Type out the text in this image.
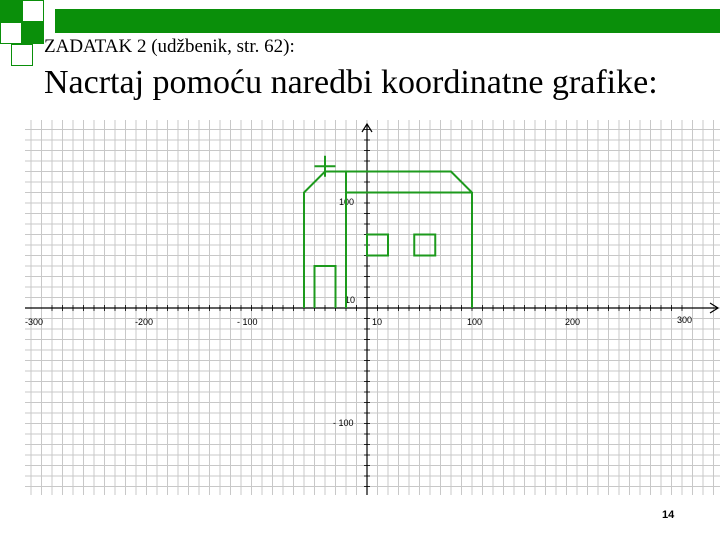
ZADATAK 2 (udžbenik, str. 62):
Nacrtaj pomoću naredbi koordinatne grafike:
-300	-200	- 100	10	100	200	300
100
10
- 100
14
